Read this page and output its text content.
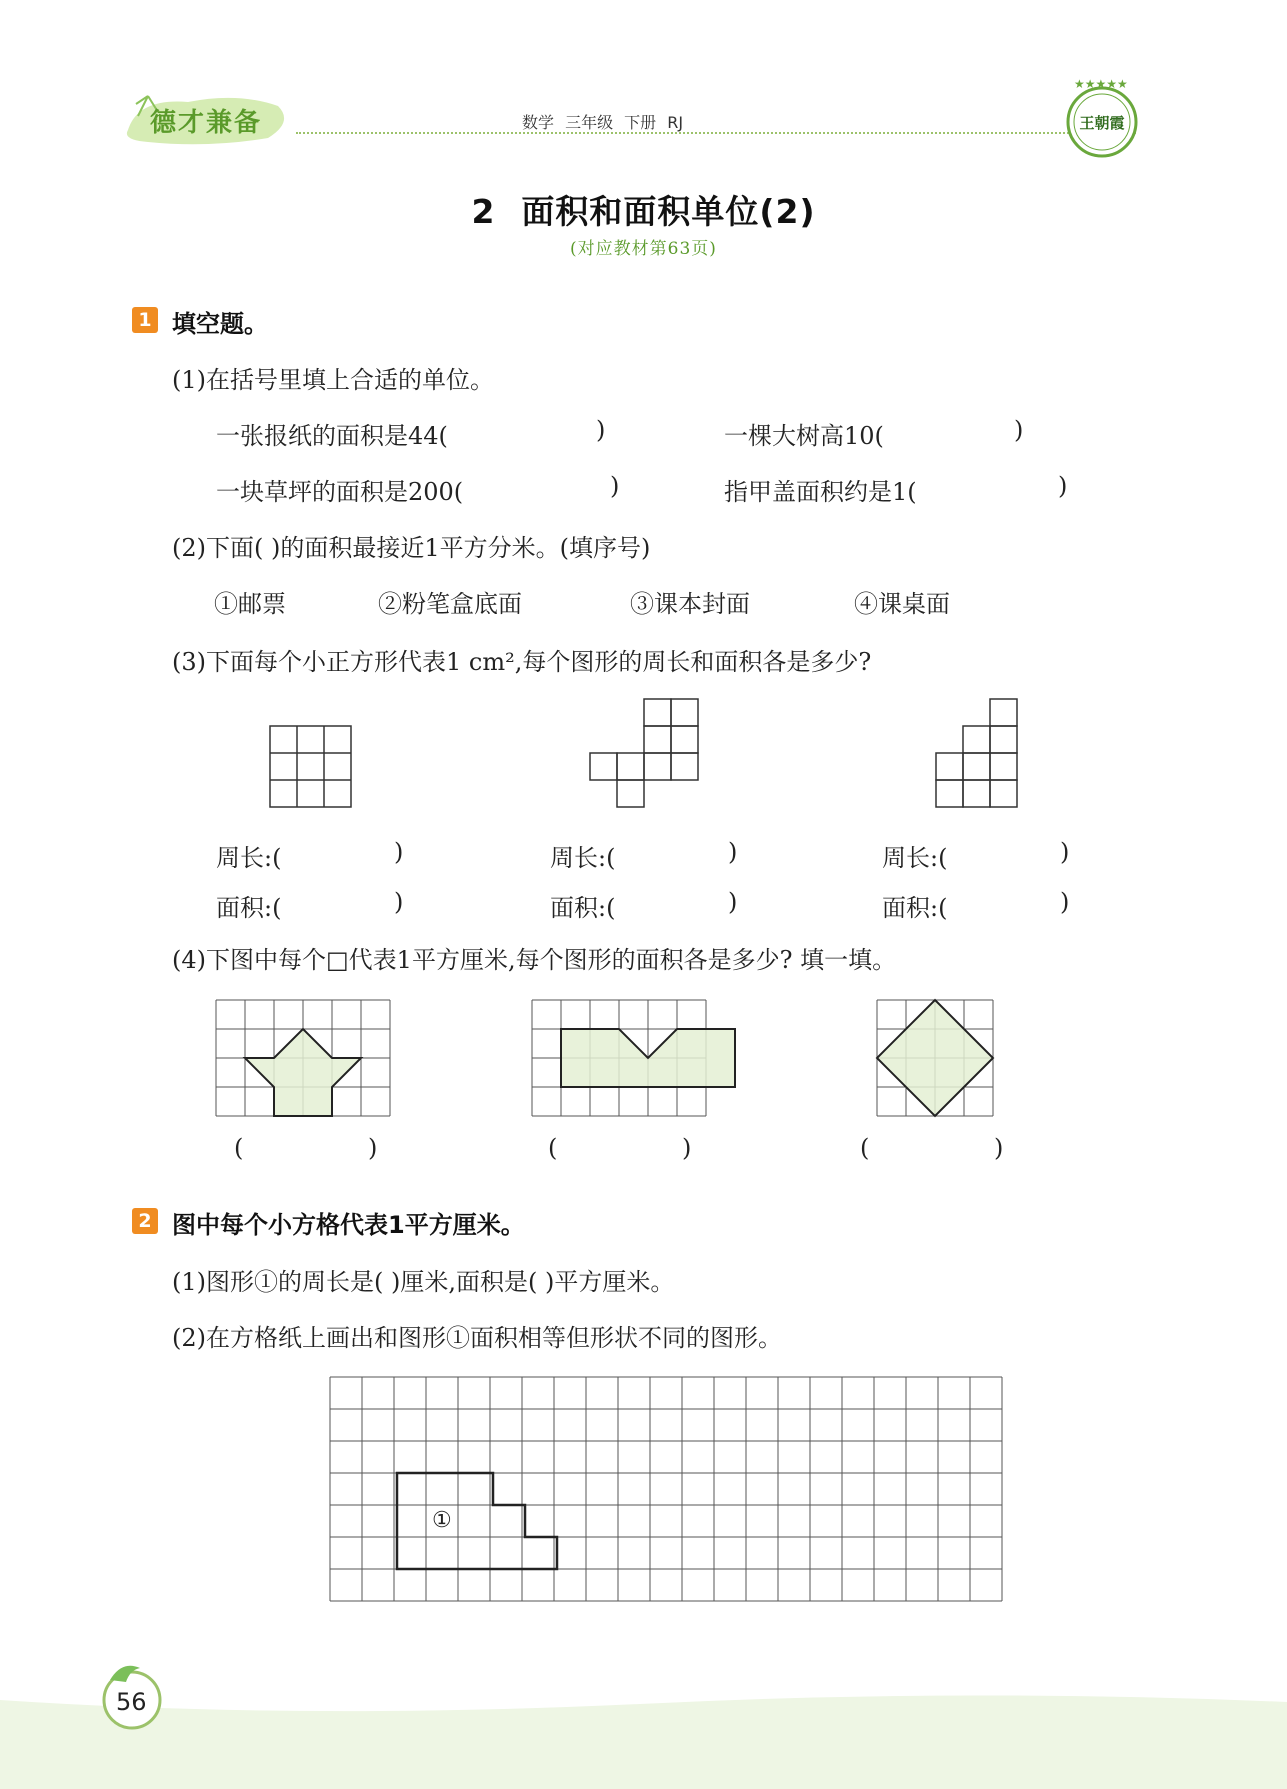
德才兼备	数学 三年级 下册 RJ
★★★★★
王朝霞
2 面积和面积单位(2)
(对应教材第63页)
1 填空题。
(1)在括号里填上合适的单位。
一张报纸的面积是44(	)	一棵大树高10(	)
一块草坪的面积是200(	)	指甲盖面积约是1(	)
(2)下面( )的面积最接近1平方分米。(填序号)
①邮票	②粉笔盒底面	③课本封面	④课桌面
(3)下面每个小正方形代表1 cm²,每个图形的周长和面积各是多少?
周长:(	)	周长:(	)	周长:(	)
面积:(	)	面积:(	)	面积:(	)
(4)下图中每个□代表1平方厘米,每个图形的面积各是多少? 填一填。
(	)	(	)	(	)
2 图中每个小方格代表1平方厘米。
(1)图形①的周长是( )厘米,面积是( )平方厘米。
(2)在方格纸上画出和图形①面积相等但形状不同的图形。
①
56
